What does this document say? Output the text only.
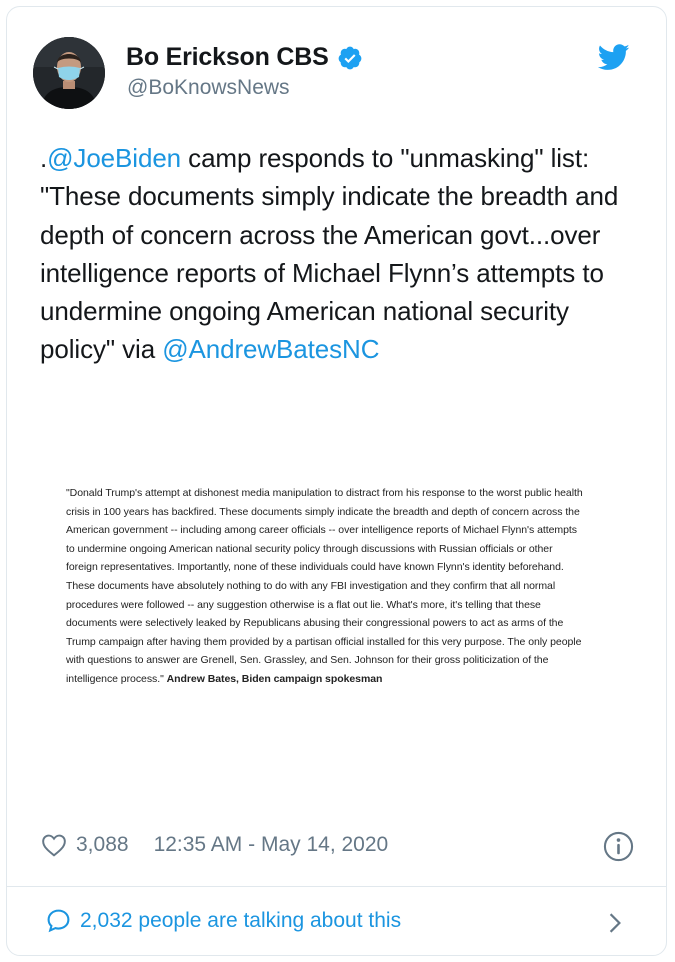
Bo Erickson CBS
@BoKnowsNews
.@JoeBiden camp responds to "unmasking" list: "These documents simply indicate the breadth and depth of concern across the American govt...over intelligence reports of Michael Flynn’s attempts to undermine ongoing American national security policy" via @AndrewBatesNC
"Donald Trump's attempt at dishonest media manipulation to distract from his response to the worst public health crisis in 100 years has backfired. These documents simply indicate the breadth and depth of concern across the American government -- including among career officials -- over intelligence reports of Michael Flynn's attempts to undermine ongoing American national security policy through discussions with Russian officials or other foreign representatives. Importantly, none of these individuals could have known Flynn's identity beforehand. These documents have absolutely nothing to do with any FBI investigation and they confirm that all normal procedures were followed -- any suggestion otherwise is a flat out lie. What's more, it's telling that these documents were selectively leaked by Republicans abusing their congressional powers to act as arms of the Trump campaign after having them provided by a partisan official installed for this very purpose. The only people with questions to answer are Grenell, Sen. Grassley, and Sen. Johnson for their gross politicization of the intelligence process." Andrew Bates, Biden campaign spokesman
3,088 12:35 AM - May 14, 2020
2,032 people are talking about this
